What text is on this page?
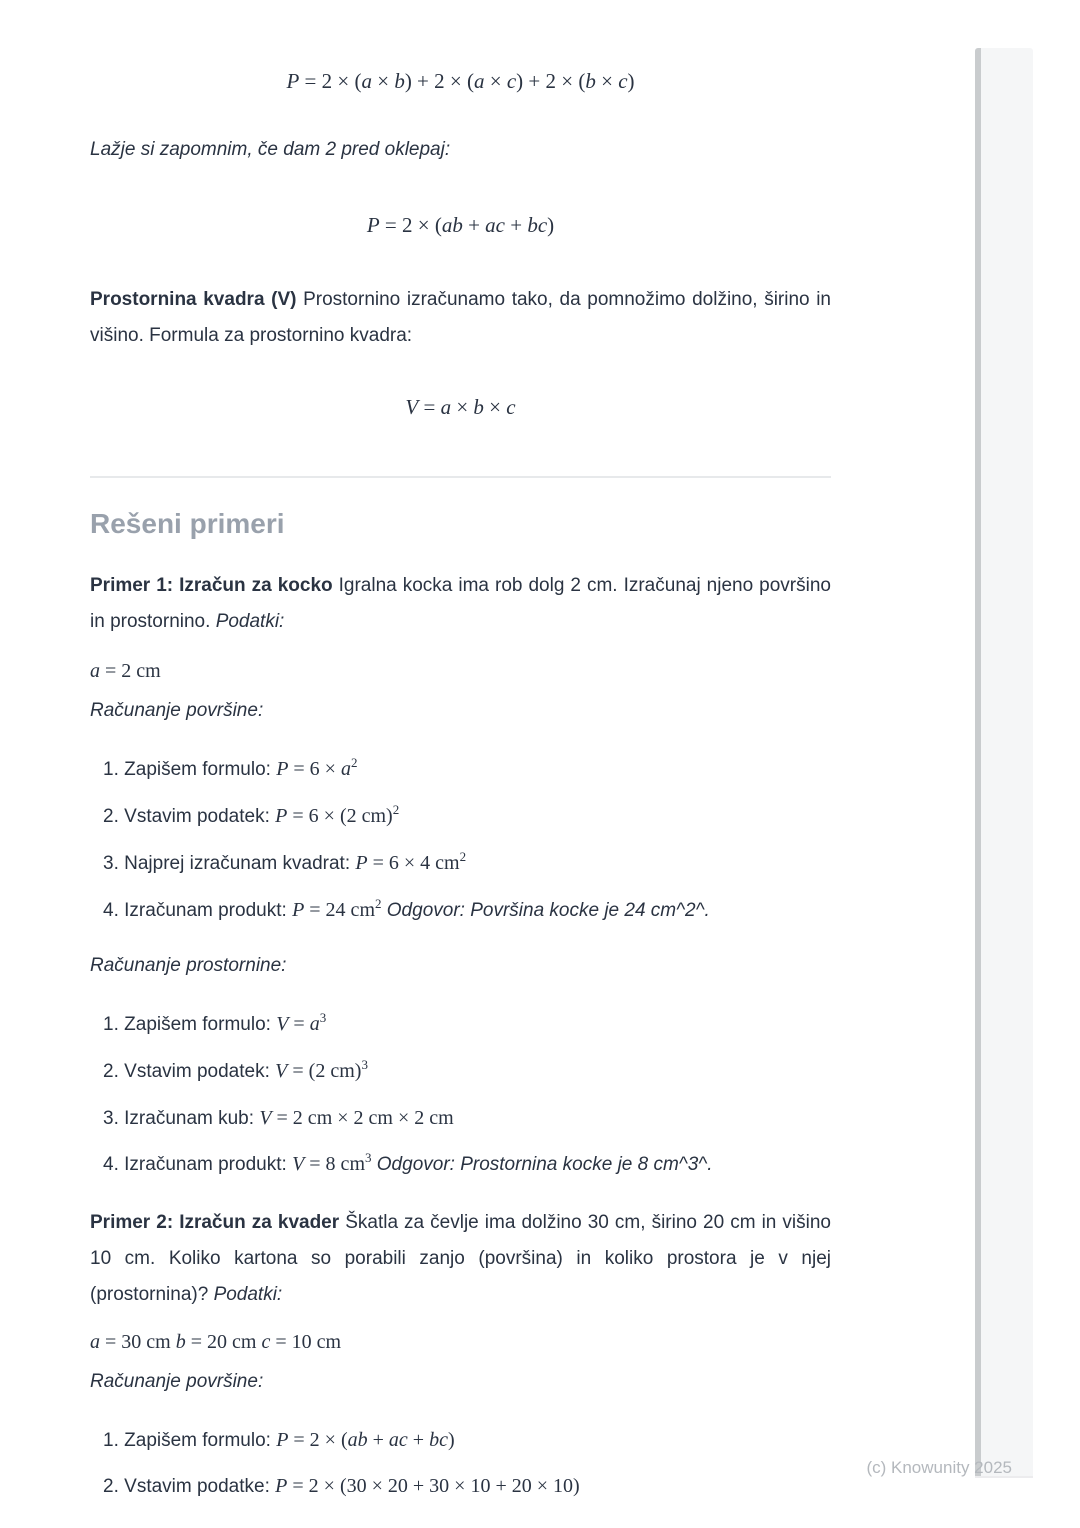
P = 2 × (a × b) + 2 × (a × c) + 2 × (b × c)
Lažje si zapomnim, če dam 2 pred oklepaj:
P = 2 × (ab + ac + bc)
Prostornina kvadra (V) Prostornino izračunamo tako, da pomnožimo dolžino, širino in višino. Formula za prostornino kvadra:
V = a × b × c
Rešeni primeri
Primer 1: Izračun za kocko Igralna kocka ima rob dolg 2 cm. Izračunaj njeno površino in prostornino. Podatki:
a = 2 cm
Računanje površine:
Zapišem formulo: $P = 6 \times a^2$
Vstavim podatek: P = 6 × (2 cm)$^2$
Najprej izračunam kvadrat: P = 6 × 4 $cm^2$
Izračunam produkt: P = 24 $cm^2$ Odgovor: Površina kocke je 24 cm^2^.
Računanje prostornine:
Zapišem formulo: $V = a^3$
Vstavim podatek: V = (2 cm)$^3$
Izračunam kub: V = 2 cm × 2 cm × 2 cm
Izračunam produkt: V = 8 $cm^3$ Odgovor: Prostornina kocke je 8 cm^3^.
Primer 2: Izračun za kvader Škatla za čevlje ima dolžino 30 cm, širino 20 cm in višino 10 cm. Koliko kartona so porabili zanjo (površina) in koliko prostora je v njej (prostornina)? Podatki:
a = 30 cm b = 20 cm c = 10 cm
Računanje površine:
Zapišem formulo: P = 2 × (ab + ac + bc)
Vstavim podatke: P = 2 × (30 × 20 + 30 × 10 + 20 × 10)
(c) Knowunity 2025
